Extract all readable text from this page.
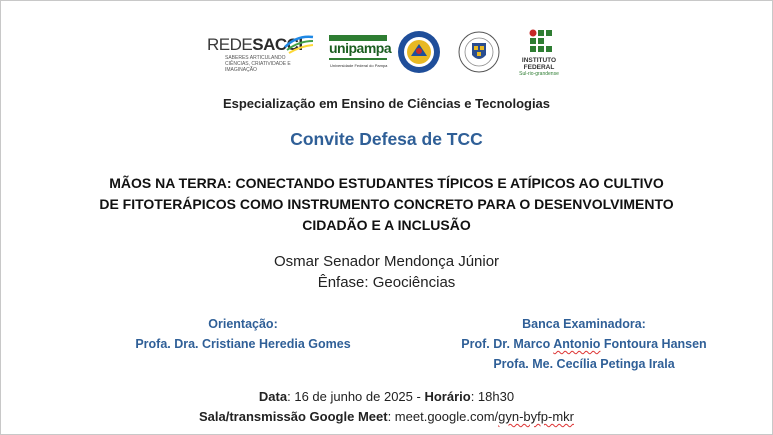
REDESACCI
SABERES ARTICULANDO CIÊNCIAS, CRIATIVIDADE E IMAGINAÇÃO
unipampa
Universidade Federal do Pampa
INSTITUTO
FEDERAL
Sul-rio-grandense
Especialização em Ensino de Ciências e Tecnologias
Convite Defesa de TCC
MÃOS NA TERRA: CONECTANDO ESTUDANTES TÍPICOS E ATÍPICOS AO CULTIVO
DE FITOTERÁPICOS COMO INSTRUMENTO CONCRETO PARA O DESENVOLVIMENTO
CIDADÃO E A INCLUSÃO
Osmar Senador Mendonça Júnior
Ênfase: Geociências
Orientação:
Profa. Dra. Cristiane Heredia Gomes
Banca Examinadora:
Prof. Dr. Marco Antonio Fontoura Hansen
Profa. Me. Cecília Petinga Irala
Data: 16 de junho de 2025 - Horário: 18h30
Sala/transmissão Google Meet: meet.google.com/gyn-byfp-mkr
